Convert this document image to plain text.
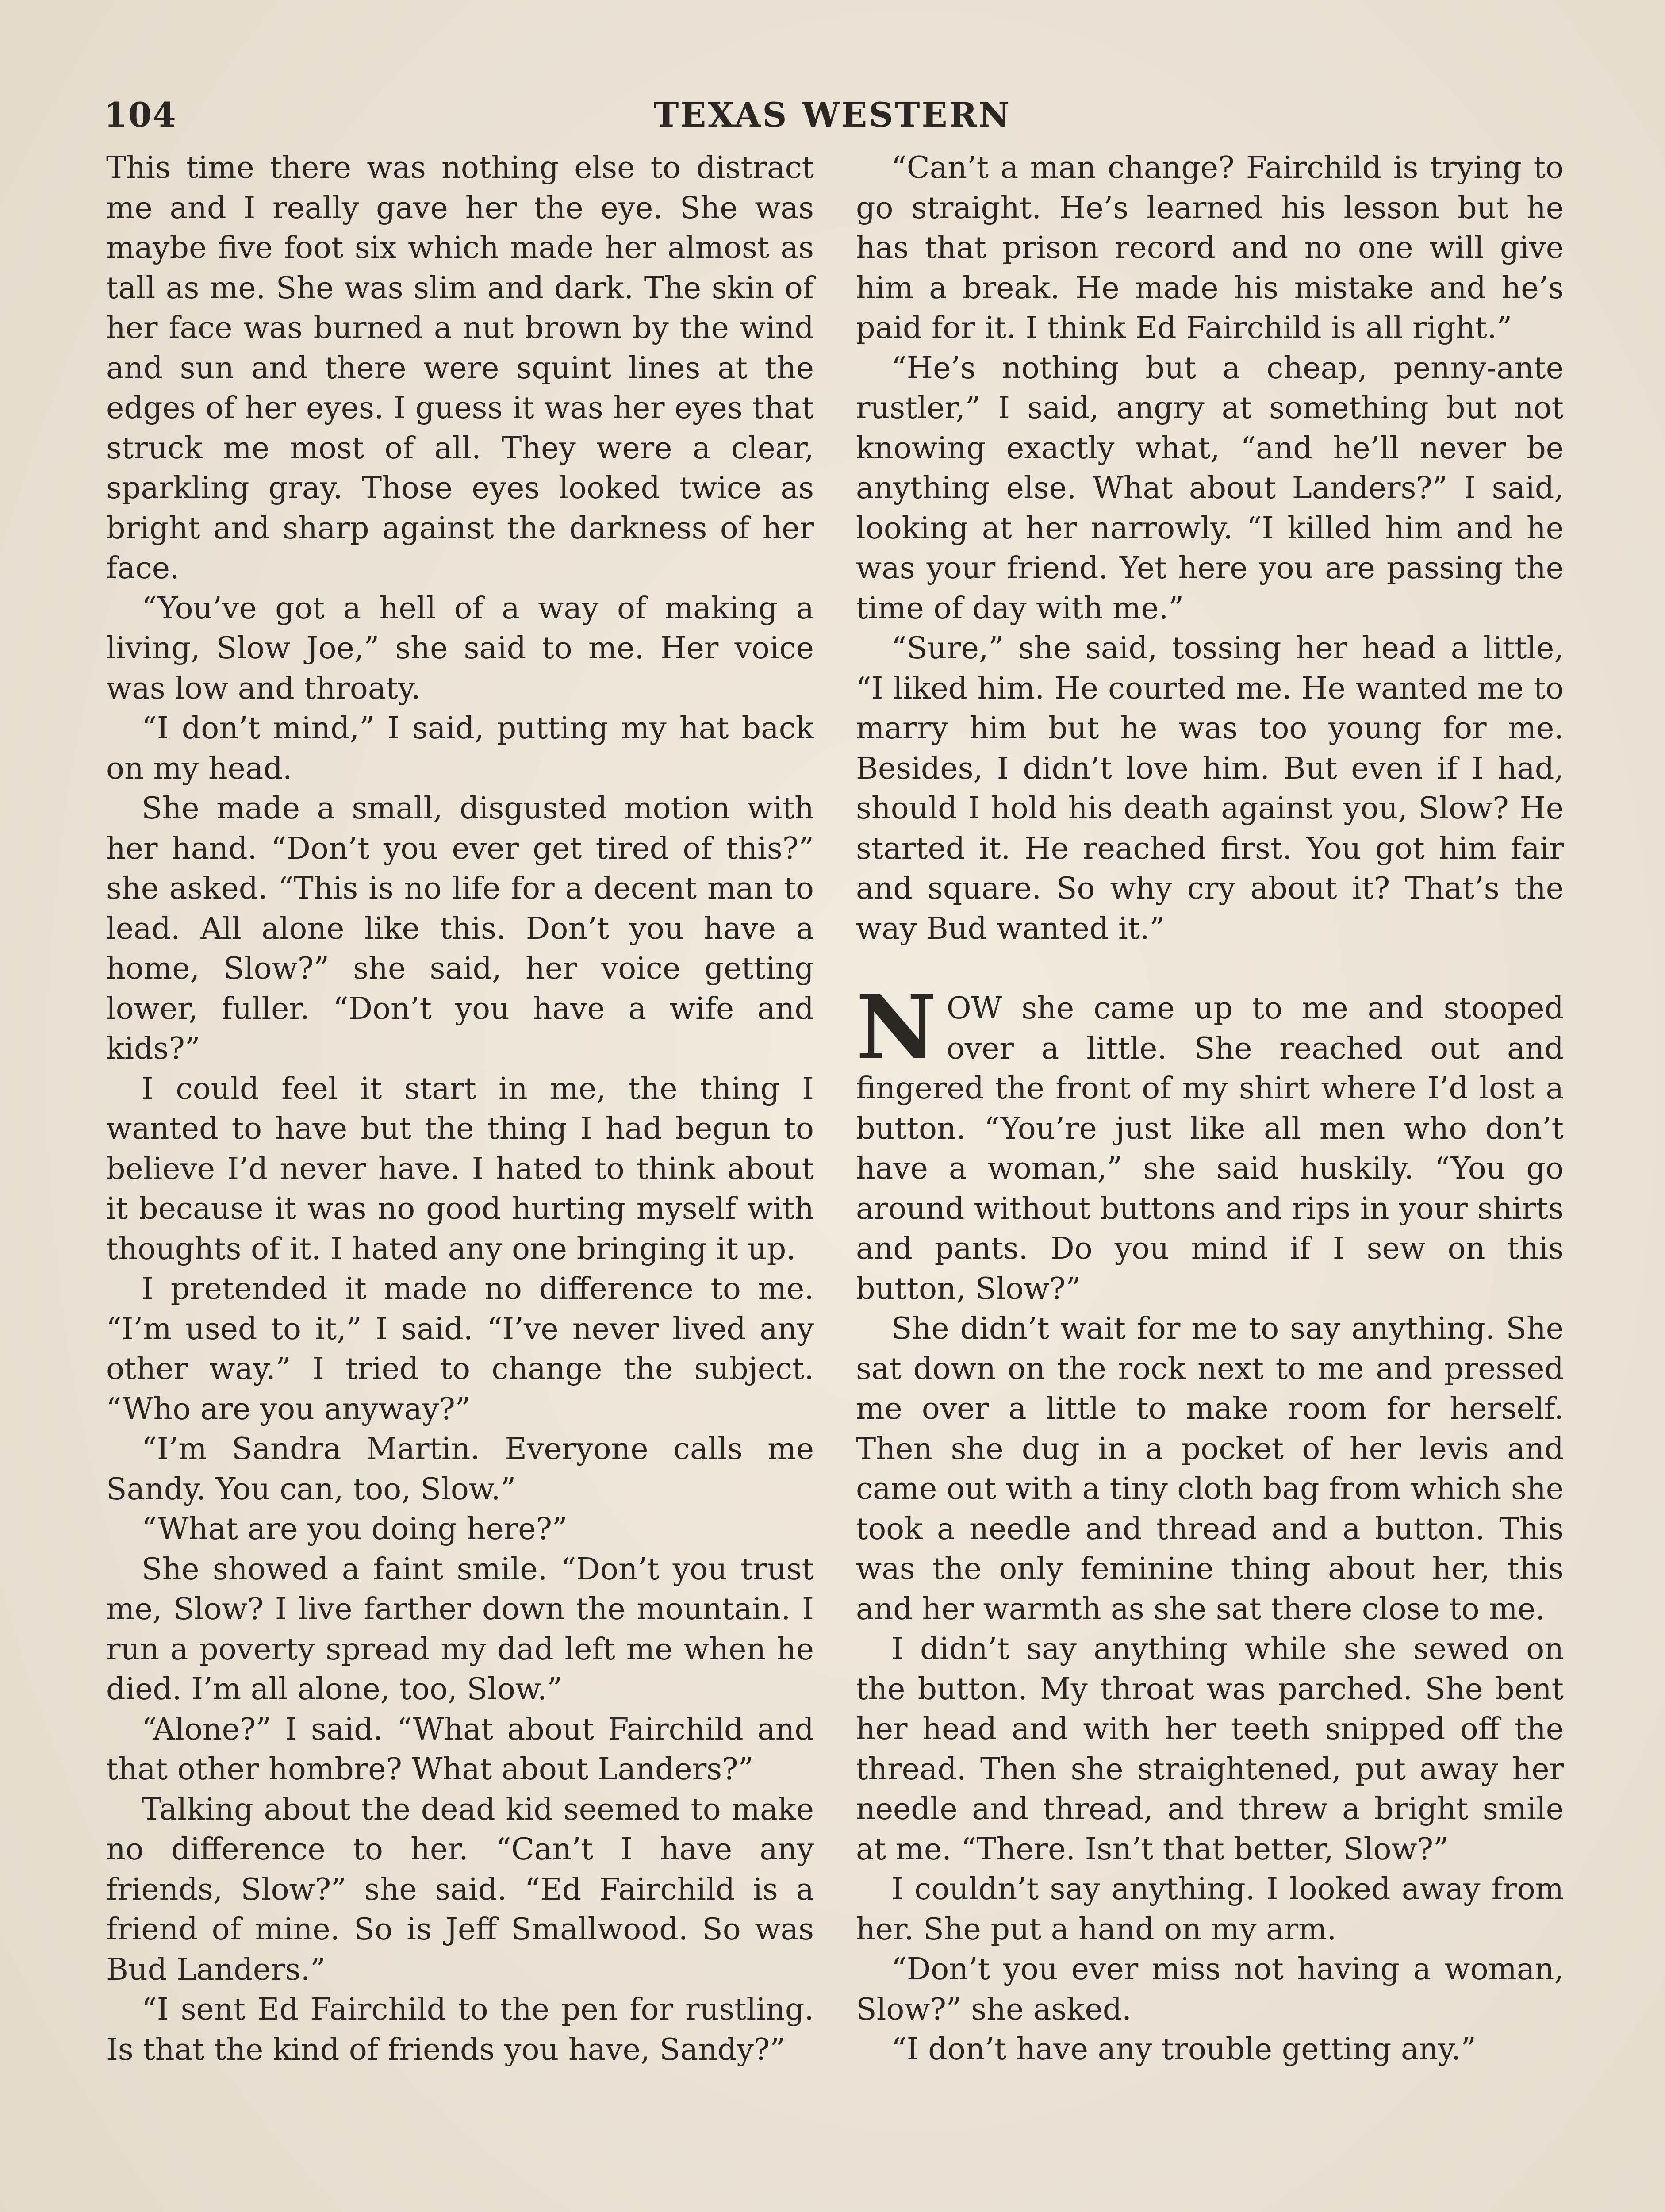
104	TEXAS WESTERN

This time there was nothing else to distract me and I really gave her the eye. She was maybe five foot six which made her almost as tall as me. She was slim and dark. The skin of her face was burned a nut brown by the wind and sun and there were squint lines at the edges of her eyes. I guess it was her eyes that struck me most of all. They were a clear, sparkling gray. Those eyes looked twice as bright and sharp against the darkness of her face.

“You’ve got a hell of a way of making a living, Slow Joe,” she said to me. Her voice was low and throaty.

“I don’t mind,” I said, putting my hat back on my head.

She made a small, disgusted motion with her hand. “Don’t you ever get tired of this?” she asked. “This is no life for a decent man to lead. All alone like this. Don’t you have a home, Slow?” she said, her voice getting lower, fuller. “Don’t you have a wife and kids?”

I could feel it start in me, the thing I wanted to have but the thing I had begun to believe I’d never have. I hated to think about it because it was no good hurting myself with thoughts of it. I hated any one bringing it up.

I pretended it made no difference to me. “I’m used to it,” I said. “I’ve never lived any other way.” I tried to change the subject. “Who are you anyway?”

“I’m Sandra Martin. Everyone calls me Sandy. You can, too, Slow.”

“What are you doing here?”

She showed a faint smile. “Don’t you trust me, Slow? I live farther down the mountain. I run a poverty spread my dad left me when he died. I’m all alone, too, Slow.”

“Alone?” I said. “What about Fairchild and that other hombre? What about Landers?”

Talking about the dead kid seemed to make no difference to her. “Can’t I have any friends, Slow?” she said. “Ed Fairchild is a friend of mine. So is Jeff Smallwood. So was Bud Landers.”

“I sent Ed Fairchild to the pen for rustling. Is that the kind of friends you have, Sandy?”

“Can’t a man change? Fairchild is trying to go straight. He’s learned his lesson but he has that prison record and no one will give him a break. He made his mistake and he’s paid for it. I think Ed Fairchild is all right.”

“He’s nothing but a cheap, penny-ante rustler,” I said, angry at something but not knowing exactly what, “and he’ll never be anything else. What about Landers?” I said, looking at her narrowly. “I killed him and he was your friend. Yet here you are passing the time of day with me.”

“Sure,” she said, tossing her head a little, “I liked him. He courted me. He wanted me to marry him but he was too young for me. Besides, I didn’t love him. But even if I had, should I hold his death against you, Slow? He started it. He reached first. You got him fair and square. So why cry about it? That’s the way Bud wanted it.”

NOW she came up to me and stooped over a little. She reached out and fingered the front of my shirt where I’d lost a button. “You’re just like all men who don’t have a woman,” she said huskily. “You go around without buttons and rips in your shirts and pants. Do you mind if I sew on this button, Slow?”

She didn’t wait for me to say anything. She sat down on the rock next to me and pressed me over a little to make room for herself. Then she dug in a pocket of her levis and came out with a tiny cloth bag from which she took a needle and thread and a button. This was the only feminine thing about her, this and her warmth as she sat there close to me.

I didn’t say anything while she sewed on the button. My throat was parched. She bent her head and with her teeth snipped off the thread. Then she straightened, put away her needle and thread, and threw a bright smile at me. “There. Isn’t that better, Slow?”

I couldn’t say anything. I looked away from her. She put a hand on my arm.

“Don’t you ever miss not having a woman, Slow?” she asked.

“I don’t have any trouble getting any.”
